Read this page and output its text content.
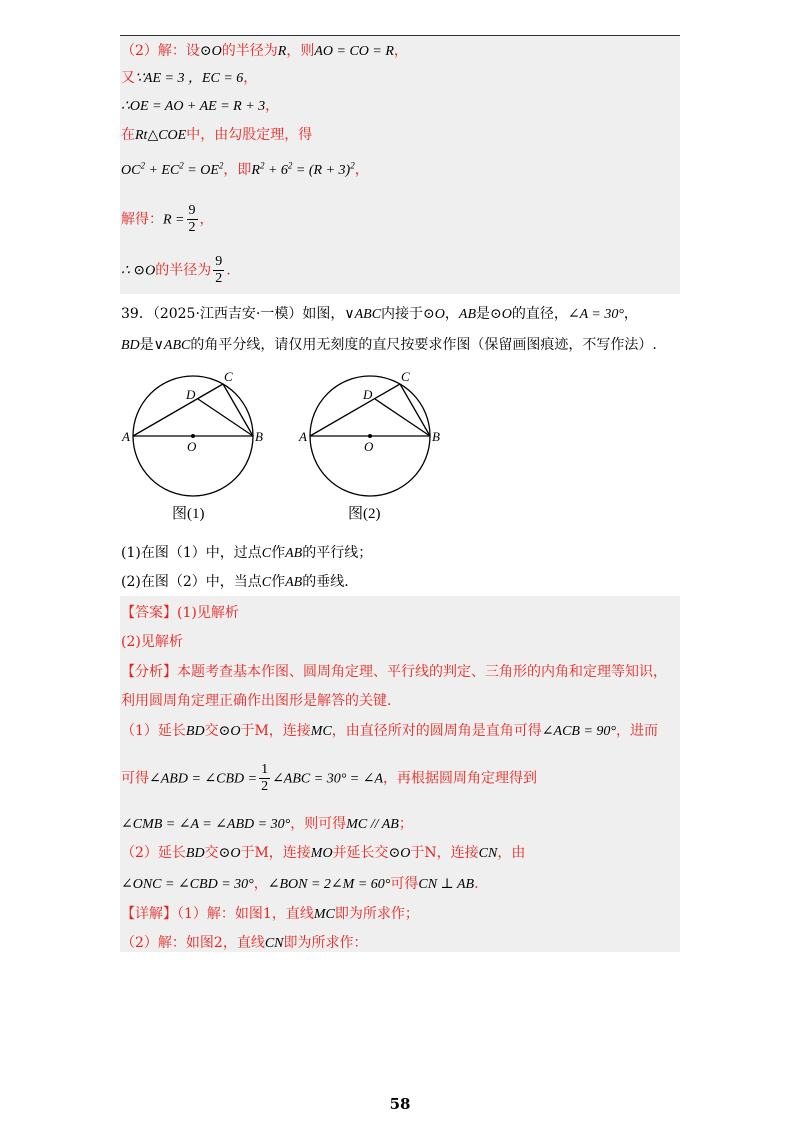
（2）解：设⊙O的半径为R，则AO = CO = R，
又∵AE = 3 ，EC = 6，
∴OE = AO + AE = R + 3，
在Rt△COE中，由勾股定理，得
$OC^2 + EC^2 = OE^2$，即$R^2 + 6^2 = (R + 3)^2$，
解得：$R = \frac{9}{2}$ ，
∴ ⊙O的半径为 $\frac{9}{2}$ .
39．（2025·江西吉安·一模）如图，∨ABC内接于⊙O，AB是⊙O的直径，∠A = 30°，
BD是∨ABC的角平分线，请仅用无刻度的直尺按要求作图（保留画图痕迹，不写作法）.
A	B
C
D
O
图(1)
A	B
C
D
O
图(2)
(1)在图（1）中，过点C作AB的平行线；
(2)在图（2）中，当点C作AB的垂线.
【答案】(1)见解析
(2)见解析
【分析】本题考查基本作图、圆周角定理、平行线的判定、三角形的内角和定理等知识，
利用圆周角定理正确作出图形是解答的关键.
（1）延长BD交⊙O于M，连接MC，由直径所对的圆周角是直角可得∠ACB = 90°，进而
可得∠ABD = ∠CBD = $\frac{1}{2}$ ∠ABC = 30° = ∠A，再根据圆周角定理得到
∠CMB = ∠A = ∠ABD = 30°，则可得MC // AB；
（2）延长BD交⊙O于M，连接MO并延长交⊙O于N，连接CN，由
∠ONC = ∠CBD = 30°，∠BON = 2∠M = 60°可得CN ⊥ AB.
【详解】（1）解：如图1，直线MC即为所求作；
（2）解：如图2，直线CN即为所求作：
58
